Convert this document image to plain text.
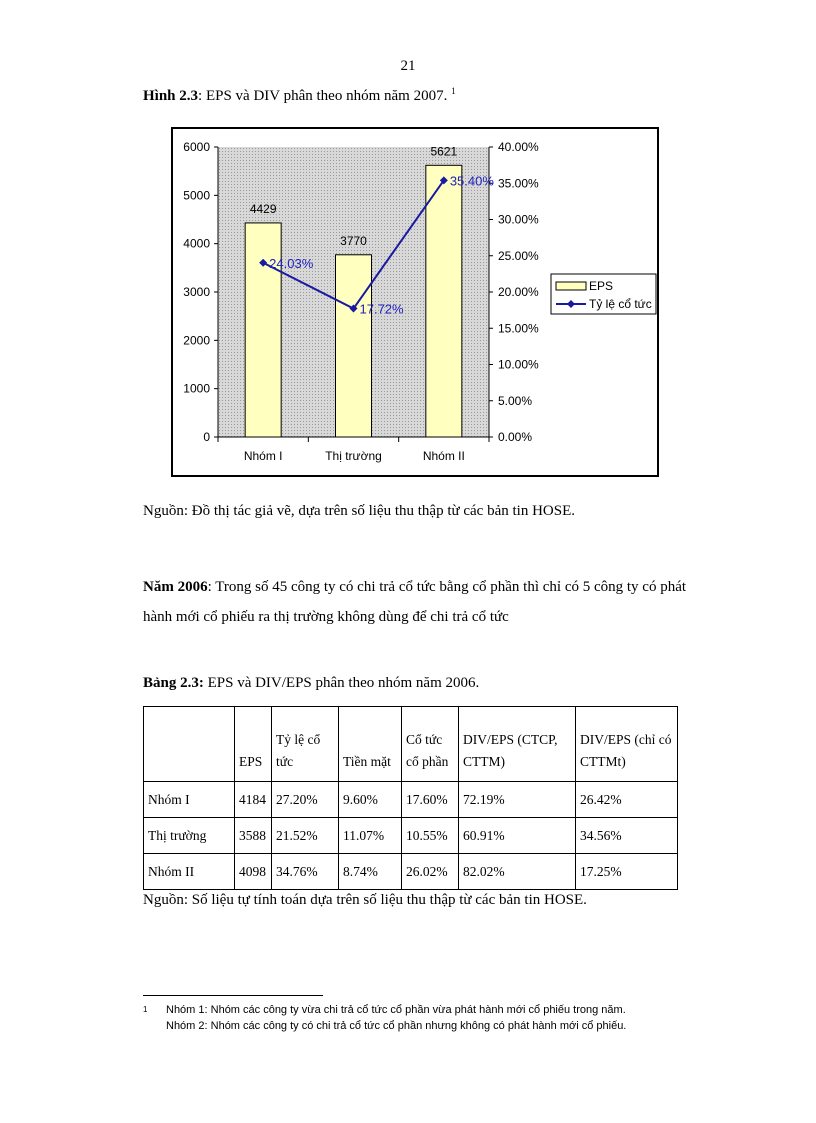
21
Hình 2.3: EPS và DIV phân theo nhóm năm 2007. $^1$
0
1000
2000
3000
4000
5000
6000
0.00%
5.00%
10.00%
15.00%
20.00%
25.00%
30.00%
35.00%
40.00%
4429
3770
5621
Nhóm I	Thị trường	Nhóm II
24.03%
17.72%
35.40%
EPS
Tỷ lệ cổ tức
Nguồn: Đồ thị tác giả vẽ, dựa trên số liệu thu thập từ các bản tin HOSE.
Năm 2006: Trong số 45 công ty có chi trả cổ tức bằng cổ phần thì chỉ có 5 công ty có phát hành mới cổ phiếu ra thị trường không dùng để chi trả cổ tức
Bảng 2.3: EPS và DIV/EPS phân theo nhóm năm 2006.
	EPS	Tỷ lệ cổ tức	Tiền mặt	Cổ tức cổ phần	DIV/EPS (CTCP, CTTM)	DIV/EPS (chỉ có CTTMt)
Nhóm I	4184	27.20%	9.60%	17.60%	72.19%	26.42%
Thị trường	3588	21.52%	11.07%	10.55%	60.91%	34.56%
Nhóm II	4098	34.76%	8.74%	26.02%	82.02%	17.25%
Nguồn: Số liệu tự tính toán dựa trên số liệu thu thập từ các bản tin HOSE.
1	Nhóm 1: Nhóm các công ty vừa chi trả cổ tức cổ phần vừa phát hành mới cổ phiếu trong năm.
Nhóm 2: Nhóm các công ty có chi trả cổ tức cổ phần nhưng không có phát hành mới cổ phiếu.
